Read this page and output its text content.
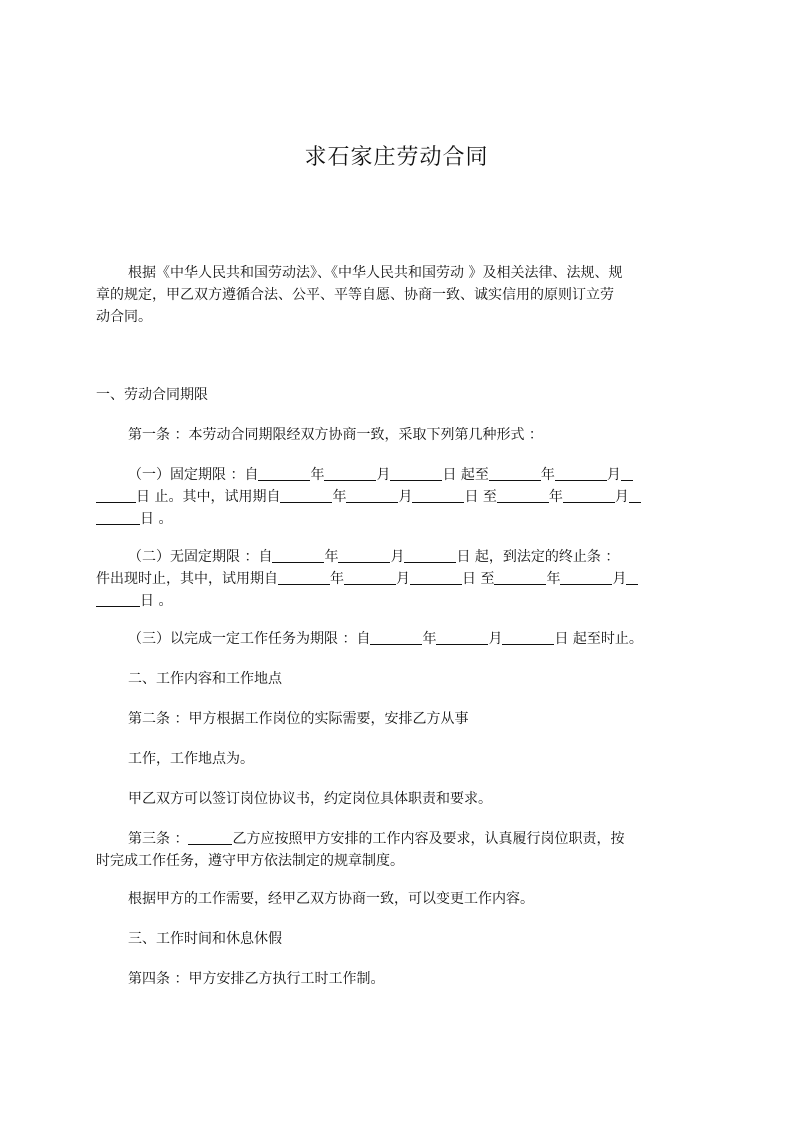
求石家庄劳动合同
根据《中华人民共和国劳动法》、《中华人民共和国劳动 》及相关法律、法规、规
章的规定，甲乙双方遵循合法、公平、平等自愿、协商一致、诚实信用的原则订立劳
动合同。
一、劳动合同期限
第一条 ：本劳动合同期限经双方协商一致，采取下列第几种形式 ：
（一）固定期限 ：自	年	月	日 起至	年	月
日 止。其中，试用期自	年	月	日 至	年	月
日 。
（二）无固定期限 ：自	年	月	日 起，到法定的终止条 ：
件出现时止，其中，试用期自	年	月	日 至	年	月
日 。
（三）以完成一定工作任务为期限 ：自	年	月	日 起至时止。
二、工作内容和工作地点
第二条 ：甲方根据工作岗位的实际需要，安排乙方从事
工作，工作地点为。
甲乙双方可以签订岗位协议书，约定岗位具体职责和要求。
第三条 ：	乙方应按照甲方安排的工作内容及要求，认真履行岗位职责，按
时完成工作任务，遵守甲方依法制定的规章制度。
根据甲方的工作需要，经甲乙双方协商一致，可以变更工作内容。
三、工作时间和休息休假
第四条 ：甲方安排乙方执行工时工作制。
